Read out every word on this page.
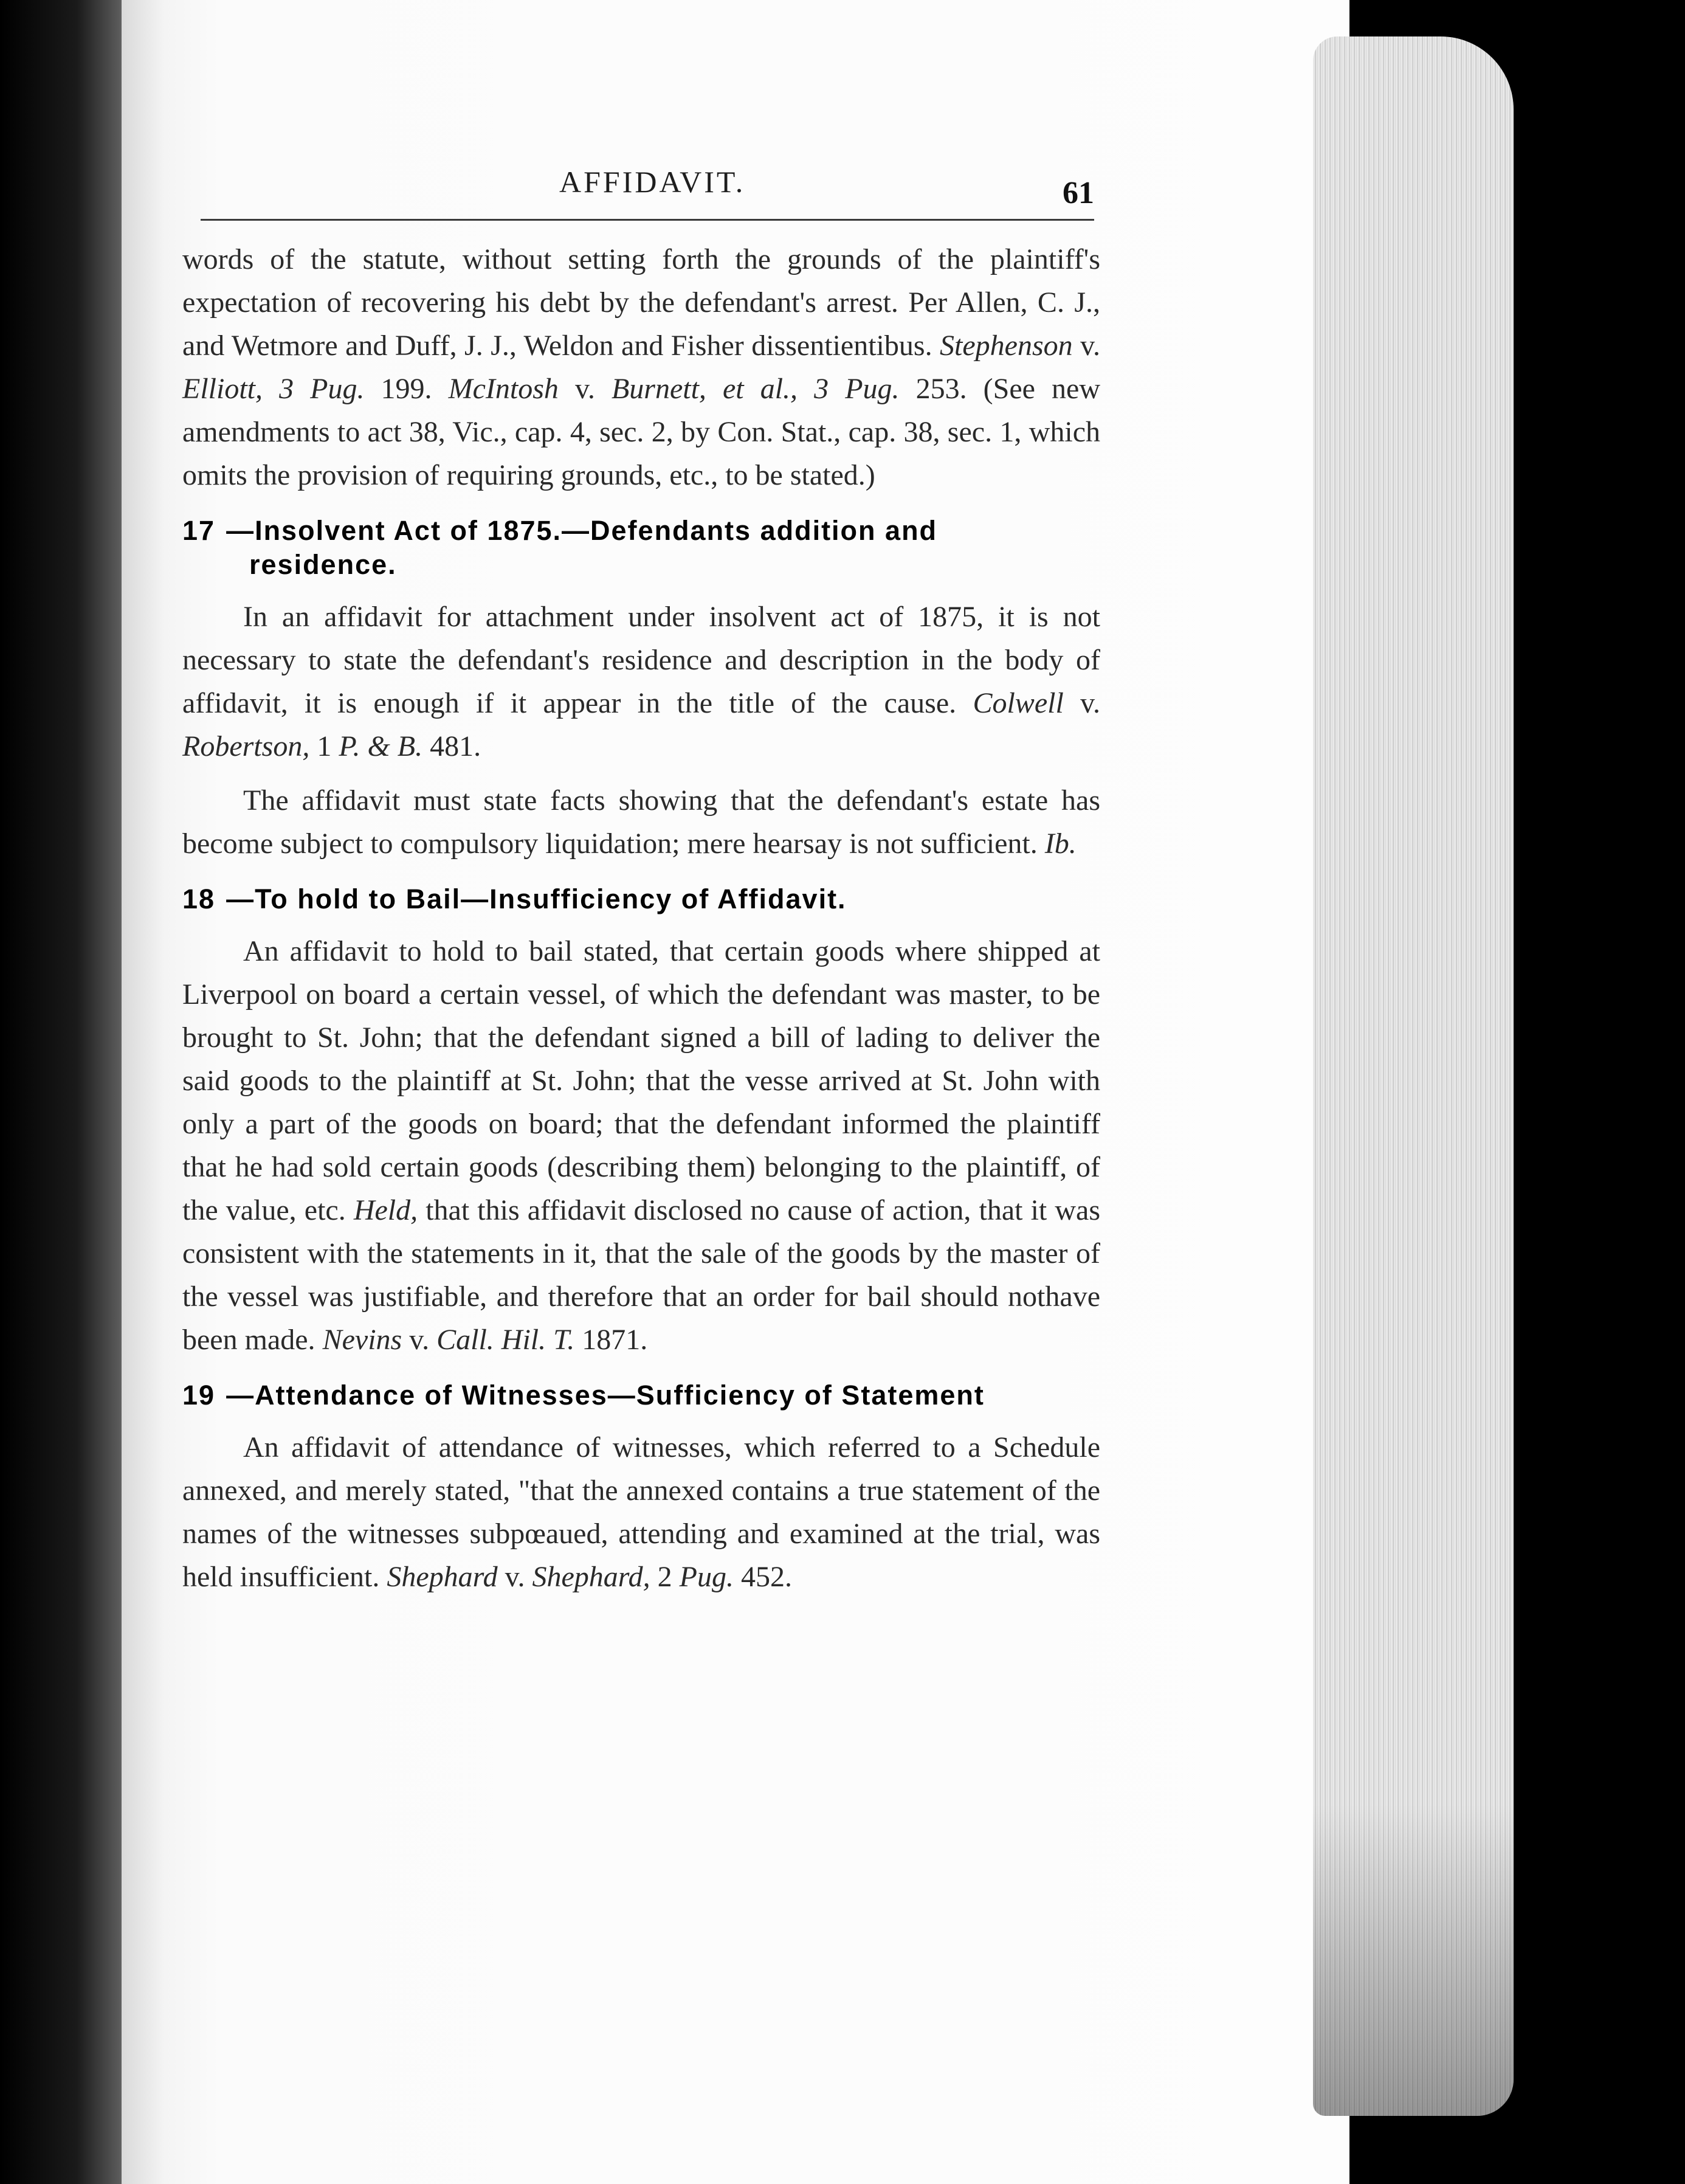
AFFIDAVIT.	61

words of the statute, without setting forth the grounds of the plaintiff's expectation of recovering his debt by the defendant's arrest. Per Allen, C. J., and Wetmore and Duff, J. J., Weldon and Fisher dissentientibus. Stephenson v. Elliott, 3 Pug. 199. McIntosh v. Burnett, et al., 3 Pug. 253. (See new amendments to act 38, Vic., cap. 4, sec. 2, by Con. Stat., cap. 38, sec. 1, which omits the provision of requiring grounds, etc., to be stated.)

17 —Insolvent Act of 1875.—Defendants addition and
residence.

In an affidavit for attachment under insolvent act of 1875, it is not necessary to state the defendant's residence and description in the body of affidavit, it is enough if it appear in the title of the cause. Colwell v. Robertson, 1 P. & B. 481.

The affidavit must state facts showing that the defendant's estate has become subject to compulsory liquidation; mere hearsay is not sufficient. Ib.

18 —To hold to Bail—Insufficiency of Affidavit.

An affidavit to hold to bail stated, that certain goods where shipped at Liverpool on board a certain vessel, of which the defendant was master, to be brought to St. John; that the defendant signed a bill of lading to deliver the said goods to the plaintiff at St. John; that the vesse arrived at St. John with only a part of the goods on board; that the defendant informed the plaintiff that he had sold certain goods (describing them) belonging to the plaintiff, of the value, etc. Held, that this affidavit disclosed no cause of action, that it was consistent with the statements in it, that the sale of the goods by the master of the vessel was justifiable, and therefore that an order for bail should nothave been made. Nevins v. Call. Hil. T. 1871.

19 —Attendance of Witnesses—Sufficiency of Statement

An affidavit of attendance of witnesses, which referred to a Schedule annexed, and merely stated, "that the annexed contains a true statement of the names of the witnesses subpœaued, attending and examined at the trial, was held insufficient. Shephard v. Shephard, 2 Pug. 452.
